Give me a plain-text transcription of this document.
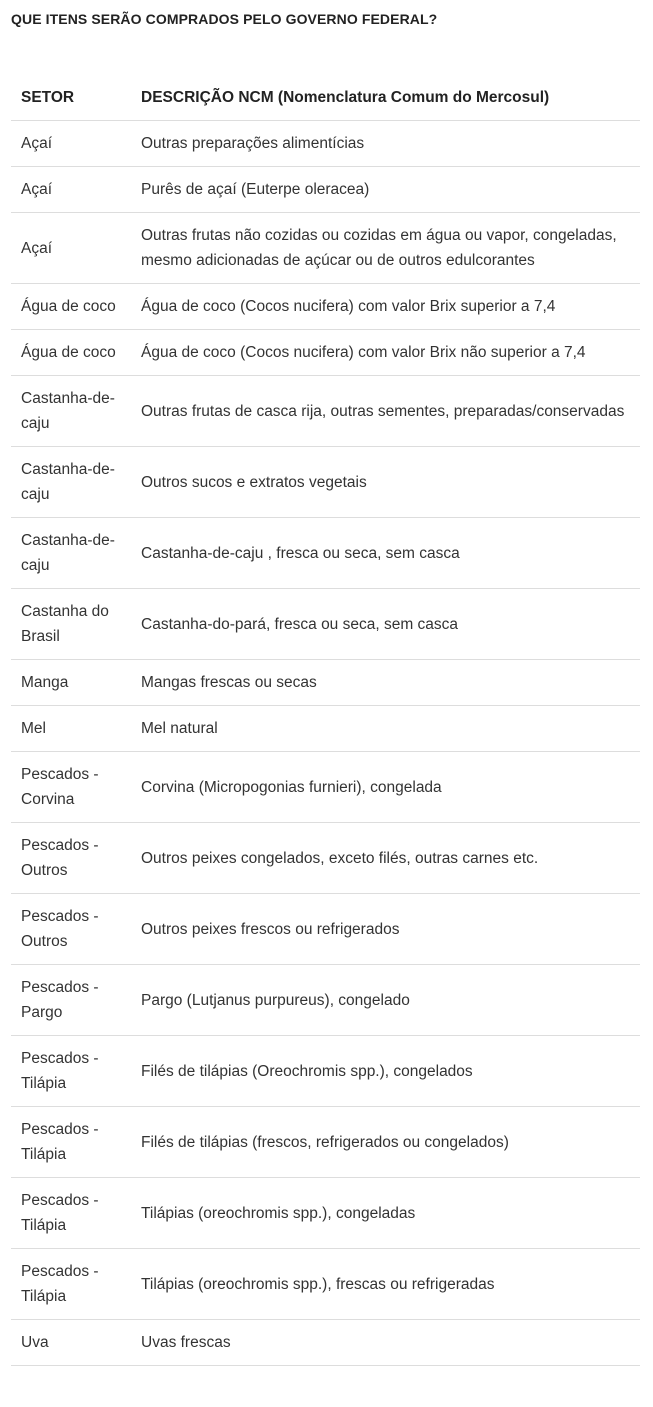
QUE ITENS SERÃO COMPRADOS PELO GOVERNO FEDERAL?
SETOR	DESCRIÇÃO NCM (Nomenclatura Comum do Mercosul)
Açaí	Outras preparações alimentícias
Açaí	Purês de açaí (Euterpe oleracea)
Açaí	Outras frutas não cozidas ou cozidas em água ou vapor, congeladas, mesmo adicionadas de açúcar ou de outros edulcorantes
Água de coco	Água de coco (Cocos nucifera) com valor Brix superior a 7,4
Água de coco	Água de coco (Cocos nucifera) com valor Brix não superior a 7,4
Castanha-de-caju	Outras frutas de casca rija, outras sementes, preparadas/conservadas
Castanha-de-caju	Outros sucos e extratos vegetais
Castanha-de-caju	Castanha-de-caju , fresca ou seca, sem casca
Castanha do Brasil	Castanha-do-pará, fresca ou seca, sem casca
Manga	Mangas frescas ou secas
Mel	Mel natural
Pescados - Corvina	Corvina (Micropogonias furnieri), congelada
Pescados - Outros	Outros peixes congelados, exceto filés, outras carnes etc.
Pescados - Outros	Outros peixes frescos ou refrigerados
Pescados - Pargo	Pargo (Lutjanus purpureus), congelado
Pescados - Tilápia	Filés de tilápias (Oreochromis spp.), congelados
Pescados - Tilápia	Filés de tilápias (frescos, refrigerados ou congelados)
Pescados - Tilápia	Tilápias (oreochromis spp.), congeladas
Pescados - Tilápia	Tilápias (oreochromis spp.), frescas ou refrigeradas
Uva	Uvas frescas
